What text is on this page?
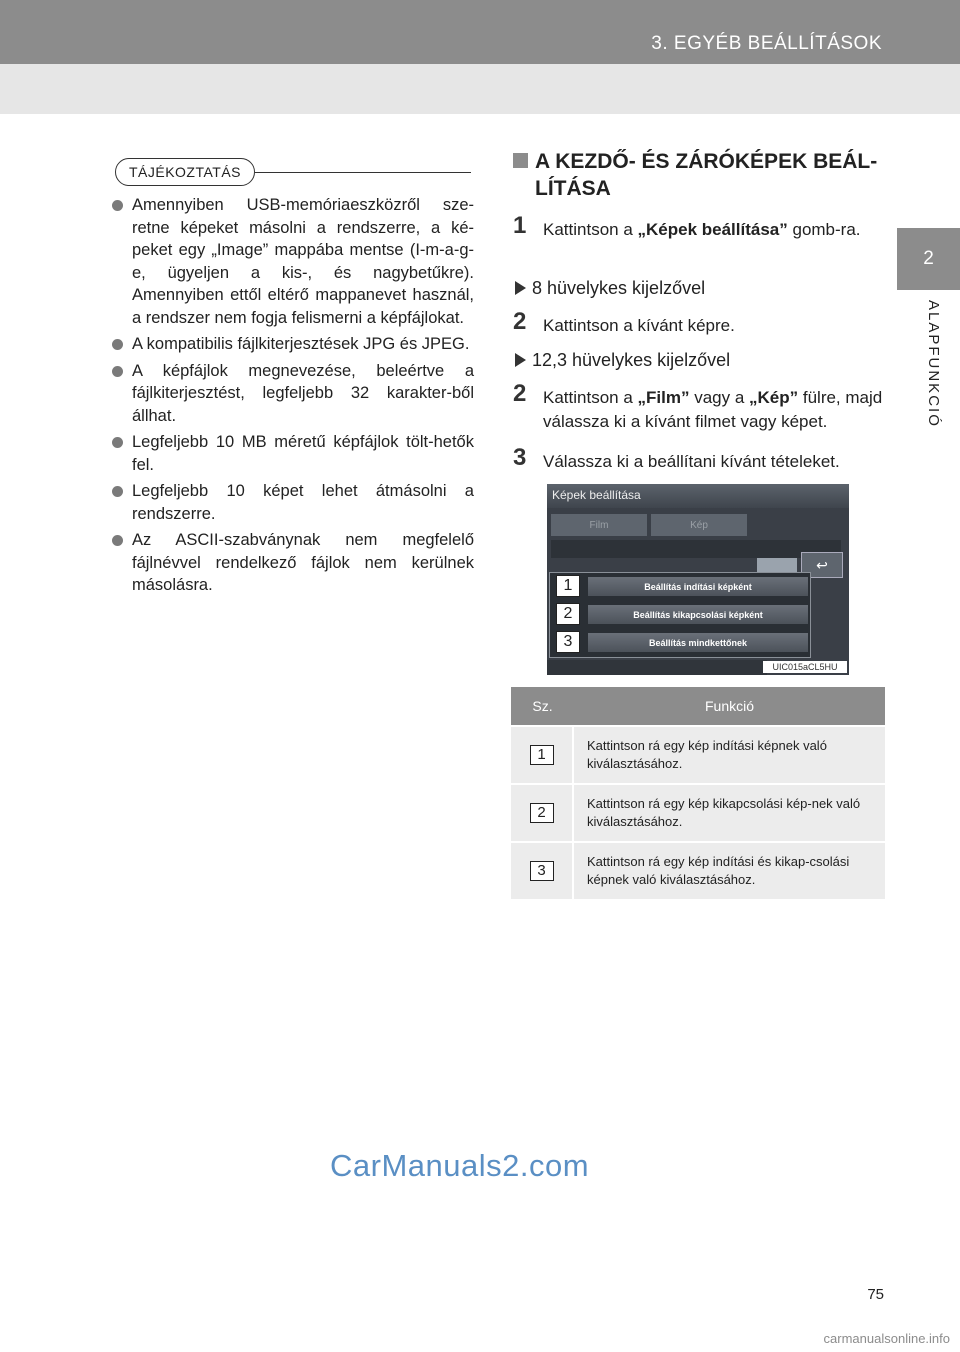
3. EGYÉB BEÁLLÍTÁSOK
2
ALAPFUNKCIÓ
TÁJÉKOZTATÁS
Amennyiben USB-memóriaeszközről sze-retne képeket másolni a rendszerre, a ké-peket egy „Image” mappába mentse (I-m-a-g-e, ügyeljen a kis-, és nagybetűkre). Amennyiben ettől eltérő mappanevet használ, a rendszer nem fogja felismerni a képfájlokat.
A kompatibilis fájlkiterjesztések JPG és JPEG.
A képfájlok megnevezése, beleértve a fájlkiterjesztést, legfeljebb 32 karakter-ből állhat.
Legfeljebb 10 MB méretű képfájlok tölt-hetők fel.
Legfeljebb 10 képet lehet átmásolni a rendszerre.
Az ASCII-szabványnak nem megfelelő fájlnévvel rendelkező fájlok nem kerülnek másolásra.
A KEZDŐ- ÉS ZÁRÓKÉPEK BEÁL-
LÍTÁSA
1 Kattintson a „Képek beállítása” gomb-ra.
8 hüvelykes kijelzővel
2 Kattintson a kívánt képre.
12,3 hüvelykes kijelzővel
2 Kattintson a „Film” vagy a „Kép” fülre, majd válassza ki a kívánt filmet vagy képet.
3 Válassza ki a beállítani kívánt tételeket.
Képek beállítása
Film	Kép
↩
1	Beállítás indítási képként
2	Beállítás kikapcsolási képként
3	Beállítás mindkettőnek
UIC015aCL5HU
Sz.	Funkció
1	Kattintson rá egy kép indítási képnek való kiválasztásához.
2	Kattintson rá egy kép kikapcsolási kép-nek való kiválasztásához.
3	Kattintson rá egy kép indítási és kikap-csolási képnek való kiválasztásához.
CarManuals2.com
75
carmanualsonline.info
